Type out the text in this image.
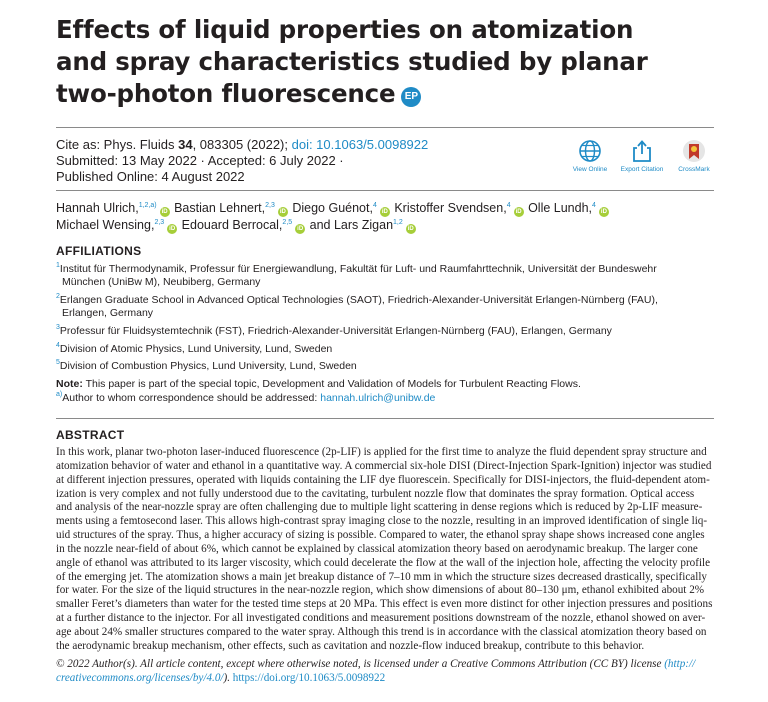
Effects of liquid properties on atomization
and spray characteristics studied by planar
two-photon fluorescence EP
Cite as: Phys. Fluids 34, 083305 (2022); doi: 10.1063/5.0098922
Submitted: 13 May 2022 · Accepted: 6 July 2022 ·
Published Online: 4 August 2022	View Online	Export Citation	CrossMark
Hannah Ulrich,$^{1,2,a)}$iD Bastian Lehnert,$^{2,3}$iD Diego Guénot,$^4$iD Kristoffer Svendsen,$^4$iD Olle Lundh,$^4$iD
Michael Wensing,$^{2,3}$iD Edouard Berrocal,$^{2,5}$iD and Lars Zigan$^{1,2}$iD
AFFILIATIONS
$^1$Institut für Thermodynamik, Professur für Energiewandlung, Fakultät für Luft- und Raumfahrttechnik, Universität der Bundeswehr
München (UniBw M), Neubiberg, Germany
$^2$Erlangen Graduate School in Advanced Optical Technologies (SAOT), Friedrich-Alexander-Universität Erlangen-Nürnberg (FAU),
Erlangen, Germany
$^3$Professur für Fluidsystemtechnik (FST), Friedrich-Alexander-Universität Erlangen-Nürnberg (FAU), Erlangen, Germany
$^4$Division of Atomic Physics, Lund University, Lund, Sweden
$^5$Division of Combustion Physics, Lund University, Lund, Sweden
Note: This paper is part of the special topic, Development and Validation of Models for Turbulent Reacting Flows.
$^{a)}$Author to whom correspondence should be addressed: hannah.ulrich@unibw.de
ABSTRACT
In this work, planar two-photon laser-induced fluorescence (2p-LIF) is applied for the first time to analyze the fluid dependent spray structure and
atomization behavior of water and ethanol in a quantitative way. A commercial six-hole DISI (Direct-Injection Spark-Ignition) injector was studied
at different injection pressures, operated with liquids containing the LIF dye fluorescein. Specifically for DISI-injectors, the fluid-dependent atom-
ization is very complex and not fully understood due to the cavitating, turbulent nozzle flow that dominates the spray formation. Optical access
and analysis of the near-nozzle spray are often challenging due to multiple light scattering in dense regions which is reduced by 2p-LIF measure-
ments using a femtosecond laser. This allows high-contrast spray imaging close to the nozzle, resulting in an improved identification of single liq-
uid structures of the spray. Thus, a higher accuracy of sizing is possible. Compared to water, the ethanol spray shape shows increased cone angles
in the nozzle near-field of about 6%, which cannot be explained by classical atomization theory based on aerodynamic breakup. The larger cone
angle of ethanol was attributed to its larger viscosity, which could decelerate the flow at the wall of the injection hole, affecting the velocity profile
of the emerging jet. The atomization shows a main jet breakup distance of 7–10 mm in which the structure sizes decreased drastically, specifically
for water. For the size of the liquid structures in the near-nozzle region, which show dimensions of about 80–130 μm, ethanol exhibited about 2%
smaller Feret’s diameters than water for the tested time steps at 20 MPa. This effect is even more distinct for other injection pressures and positions
at a further distance to the injector. For all investigated conditions and measurement positions downstream of the nozzle, ethanol showed on aver-
age about 24% smaller structures compared to the water spray. Although this trend is in accordance with the classical atomization theory based on
the aerodynamic breakup mechanism, other effects, such as cavitation and nozzle-flow induced breakup, contribute to this behavior.
© 2022 Author(s). All article content, except where otherwise noted, is licensed under a Creative Commons Attribution (CC BY) license (http://
creativecommons.org/licenses/by/4.0/). https://doi.org/10.1063/5.0098922
